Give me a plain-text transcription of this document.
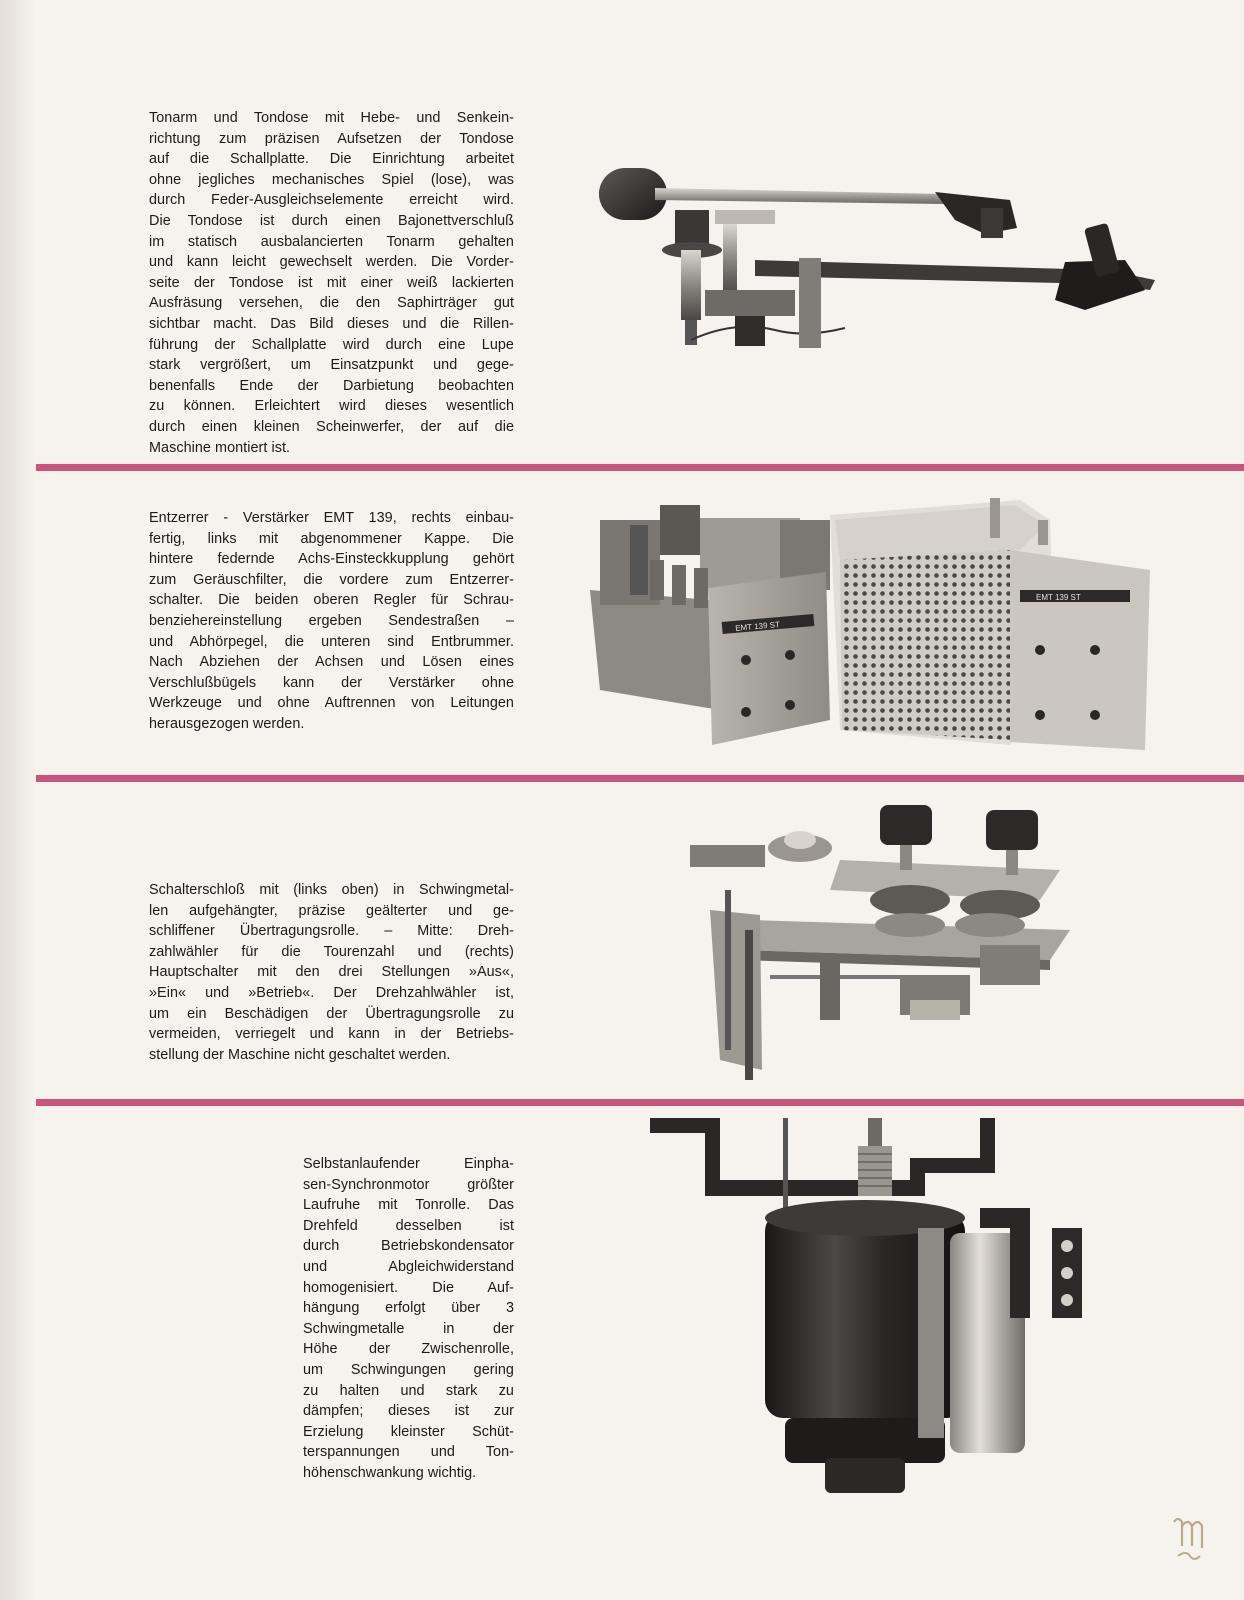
Tonarm und Tondose mit Hebe- und Senkein-
richtung zum präzisen Aufsetzen der Tondose
auf die Schallplatte. Die Einrichtung arbeitet
ohne jegliches mechanisches Spiel (lose), was
durch Feder-Ausgleichselemente erreicht wird.
Die Tondose ist durch einen Bajonettverschluß
im statisch ausbalancierten Tonarm gehalten
und kann leicht gewechselt werden. Die Vorder-
seite der Tondose ist mit einer weiß lackierten
Ausfräsung versehen, die den Saphirträger gut
sichtbar macht. Das Bild dieses und die Rillen-
führung der Schallplatte wird durch eine Lupe
stark vergrößert, um Einsatzpunkt und gege-
benenfalls Ende der Darbietung beobachten
zu können. Erleichtert wird dieses wesentlich
durch einen kleinen Scheinwerfer, der auf die
Maschine montiert ist.
Entzerrer - Verstärker EMT 139, rechts einbau-
fertig, links mit abgenommener Kappe. Die
hintere federnde Achs-Einsteckkupplung gehört
zum Geräuschfilter, die vordere zum Entzerrer-
schalter. Die beiden oberen Regler für Schrau-
benziehereinstellung ergeben Sendestraßen –
und Abhörpegel, die unteren sind Entbrummer.
Nach Abziehen der Achsen und Lösen eines
Verschlußbügels kann der Verstärker ohne
Werkzeuge und ohne Auftrennen von Leitungen
herausgezogen werden.
EMT 139 ST
EMT 139 ST
Schalterschloß mit (links oben) in Schwingmetal-
len aufgehängter, präzise geälterter und ge-
schliffener Übertragungsrolle. – Mitte: Dreh-
zahlwähler für die Tourenzahl und (rechts)
Hauptschalter mit den drei Stellungen »Aus«,
»Ein« und »Betrieb«. Der Drehzahlwähler ist,
um ein Beschädigen der Übertragungsrolle zu
vermeiden, verriegelt und kann in der Betriebs-
stellung der Maschine nicht geschaltet werden.
Selbstanlaufender Einpha-
sen-Synchronmotor größter
Laufruhe mit Tonrolle. Das
Drehfeld desselben ist
durch Betriebskondensator
und Abgleichwiderstand
homogenisiert. Die Auf-
hängung erfolgt über 3
Schwingmetalle in der
Höhe der Zwischenrolle,
um Schwingungen gering
zu halten und stark zu
dämpfen; dieses ist zur
Erzielung kleinster Schüt-
terspannungen und Ton-
höhenschwankung wichtig.
